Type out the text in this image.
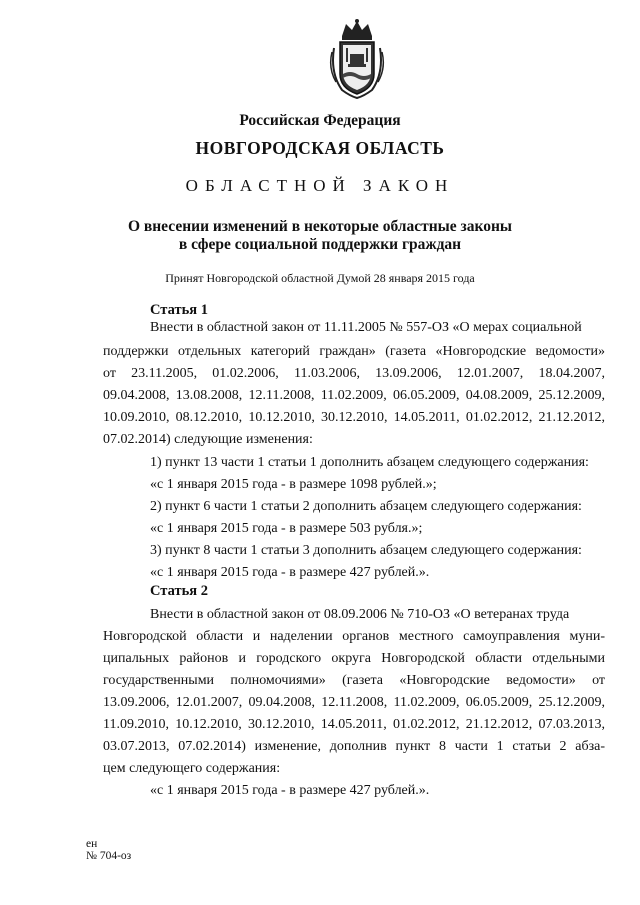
Российская Федерация
НОВГОРОДСКАЯ ОБЛАСТЬ
ОБЛАСТНОЙ ЗАКОН
О внесении изменений в некоторые областные законы
в сфере социальной поддержки граждан
Принят Новгородской областной Думой 28 января 2015 года
Статья 1
Внести в областной закон от 11.11.2005 № 557-ОЗ «О мерах социальной
поддержки отдельных категорий граждан» (газета «Новгородские ведомости»
от 23.11.2005, 01.02.2006, 11.03.2006, 13.09.2006, 12.01.2007, 18.04.2007,
09.04.2008, 13.08.2008, 12.11.2008, 11.02.2009, 06.05.2009, 04.08.2009, 25.12.2009,
10.09.2010, 08.12.2010, 10.12.2010, 30.12.2010, 14.05.2011, 01.02.2012, 21.12.2012,
07.02.2014) следующие изменения:
1) пункт 13 части 1 статьи 1 дополнить абзацем следующего содержания:
«с 1 января 2015 года - в размере 1098 рублей.»;
2) пункт 6 части 1 статьи 2 дополнить абзацем следующего содержания:
«с 1 января 2015 года - в размере 503 рубля.»;
3) пункт 8 части 1 статьи 3 дополнить абзацем следующего содержания:
«с 1 января 2015 года - в размере 427 рублей.».
Статья 2
Внести в областной закон от 08.09.2006 № 710-ОЗ «О ветеранах труда
Новгородской области и наделении органов местного самоуправления муни-
ципальных районов и городского округа Новгородской области отдельными
государственными полномочиями» (газета «Новгородские ведомости» от
13.09.2006, 12.01.2007, 09.04.2008, 12.11.2008, 11.02.2009, 06.05.2009, 25.12.2009,
11.09.2010, 10.12.2010, 30.12.2010, 14.05.2011, 01.02.2012, 21.12.2012, 07.03.2013,
03.07.2013, 07.02.2014) изменение, дополнив пункт 8 части 1 статьи 2 абза-
цем следующего содержания:
«с 1 января 2015 года - в размере 427 рублей.».
ен
№ 704-оз
